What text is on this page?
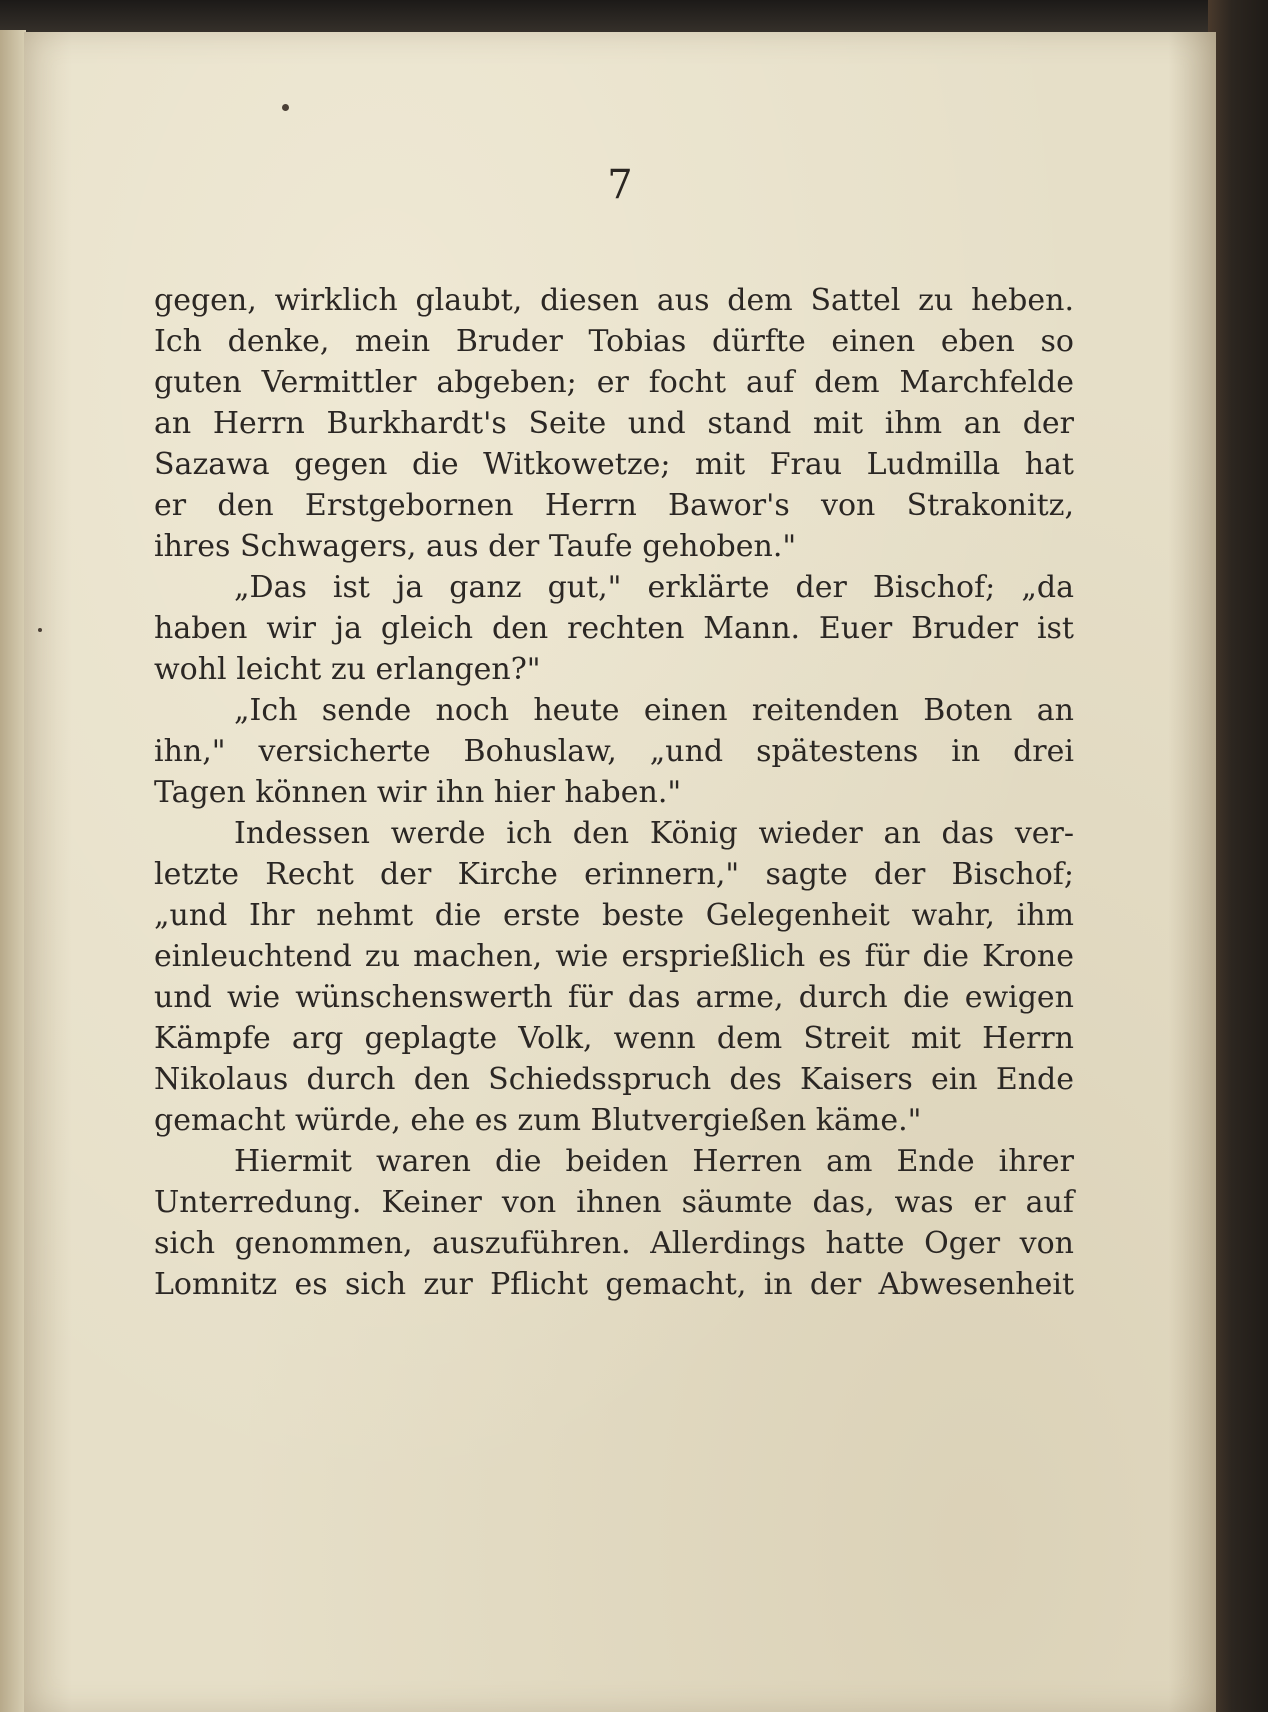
7
gegen, wirklich glaubt, diesen aus dem Sattel zu heben.
Ich denke, mein Bruder Tobias dürfte einen eben so
guten Vermittler abgeben; er focht auf dem Marchfelde
an Herrn Burkhardt's Seite und stand mit ihm an der
Sazawa gegen die Witkowetze; mit Frau Ludmilla hat
er den Erstgebornen Herrn Bawor's von Strakonitz,
ihres Schwagers, aus der Taufe gehoben."
„Das ist ja ganz gut," erklärte der Bischof; „da
haben wir ja gleich den rechten Mann. Euer Bruder ist
wohl leicht zu erlangen?"
„Ich sende noch heute einen reitenden Boten an
ihn," versicherte Bohuslaw, „und spätestens in drei
Tagen können wir ihn hier haben."
Indessen werde ich den König wieder an das ver-
letzte Recht der Kirche erinnern," sagte der Bischof;
„und Ihr nehmt die erste beste Gelegenheit wahr, ihm
einleuchtend zu machen, wie ersprießlich es für die Krone
und wie wünschenswerth für das arme, durch die ewigen
Kämpfe arg geplagte Volk, wenn dem Streit mit Herrn
Nikolaus durch den Schiedsspruch des Kaisers ein Ende
gemacht würde, ehe es zum Blutvergießen käme."
Hiermit waren die beiden Herren am Ende ihrer
Unterredung. Keiner von ihnen säumte das, was er auf
sich genommen, auszuführen. Allerdings hatte Oger von
Lomnitz es sich zur Pflicht gemacht, in der Abwesenheit
